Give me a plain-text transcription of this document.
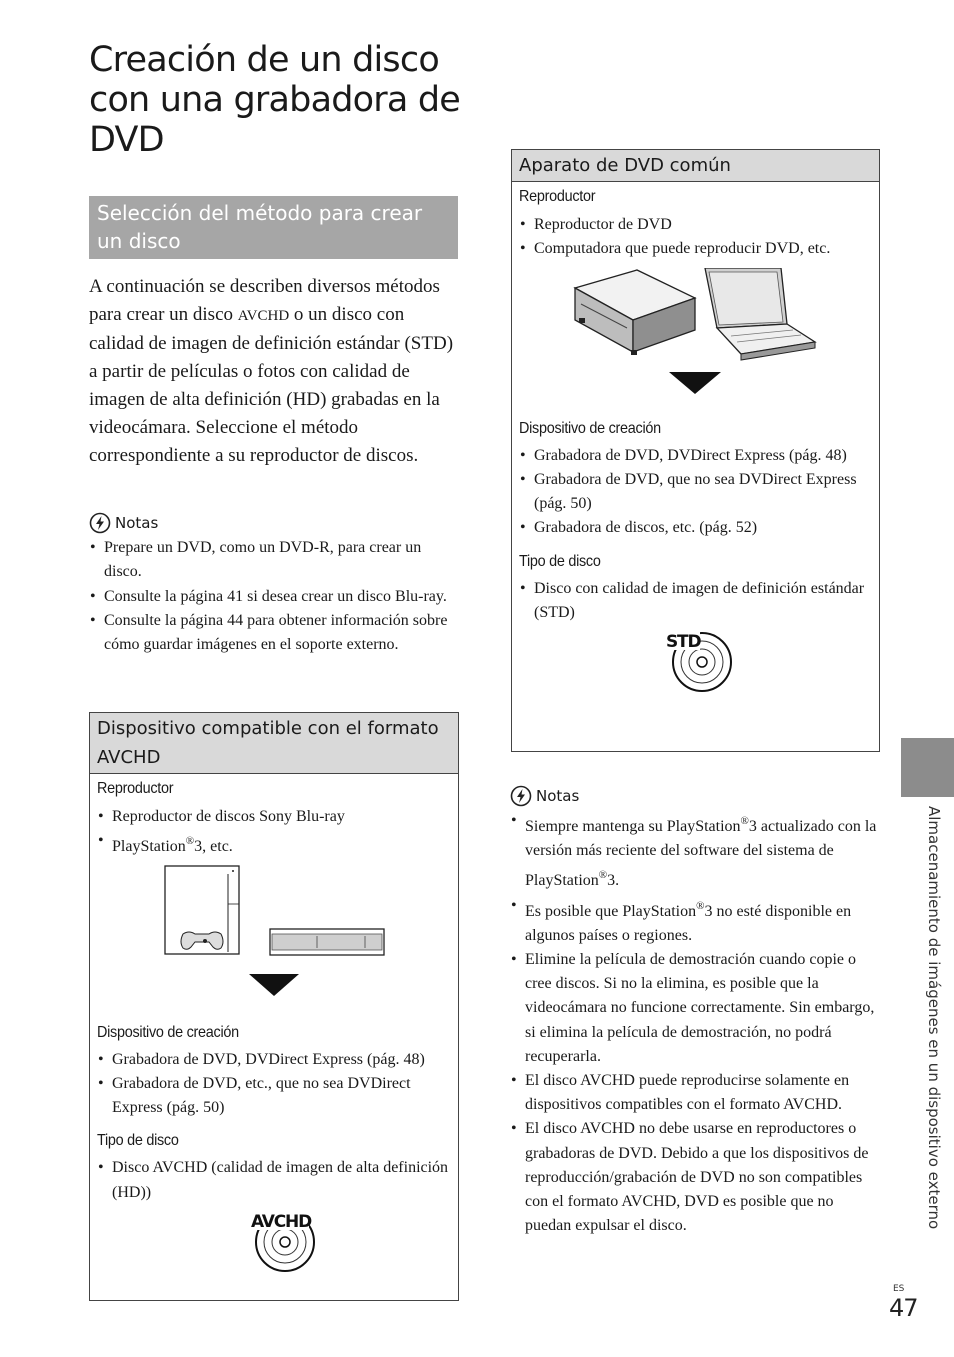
Creación de un disco con una grabadora de DVD
Selección del método para crear un disco
A continuación se describen diversos métodos para crear un disco AVCHD o un disco con calidad de imagen de definición estándar (STD) a partir de películas o fotos con calidad de imagen de alta definición (HD) grabadas en la videocámara. Seleccione el método correspondiente a su reproductor de discos.
Notas
• Prepare un DVD, como un DVD-R, para crear un disco.
• Consulte la página 41 si desea crear un disco Blu-ray.
• Consulte la página 44 para obtener información sobre cómo guardar imágenes en el soporte externo.
Dispositivo compatible con el formato AVCHD
Reproductor
• Reproductor de discos Sony Blu-ray
• PlayStation®3, etc.
Dispositivo de creación
• Grabadora de DVD, DVDirect Express (pág. 48)
• Grabadora de DVD, etc., que no sea DVDirect Express (pág. 50)
Tipo de disco
• Disco AVCHD (calidad de imagen de alta definición (HD))
AVCHD
Aparato de DVD común
Reproductor
• Reproductor de DVD
• Computadora que puede reproducir DVD, etc.
Dispositivo de creación
• Grabadora de DVD, DVDirect Express (pág. 48)
• Grabadora de DVD, que no sea DVDirect Express (pág. 50)
• Grabadora de discos, etc. (pág. 52)
Tipo de disco
• Disco con calidad de imagen de definición estándar (STD)
STD
Notas
• Siempre mantenga su PlayStation®3 actualizado con la versión más reciente del software del sistema de PlayStation®3.
• Es posible que PlayStation®3 no esté disponible en algunos países o regiones.
• Elimine la película de demostración cuando copie o cree discos. Si no la elimina, es posible que la videocámara no funcione correctamente. Sin embargo, si elimina la película de demostración, no podrá recuperarla.
• El disco AVCHD puede reproducirse solamente en dispositivos compatibles con el formato AVCHD.
• El disco AVCHD no debe usarse en reproductores o grabadoras de DVD. Debido a que los dispositivos de reproducción/grabación de DVD no son compatibles con el formato AVCHD, DVD es posible que no puedan expulsar el disco.	Almacenamiento de imágenes en un dispositivo externo
ES
47
